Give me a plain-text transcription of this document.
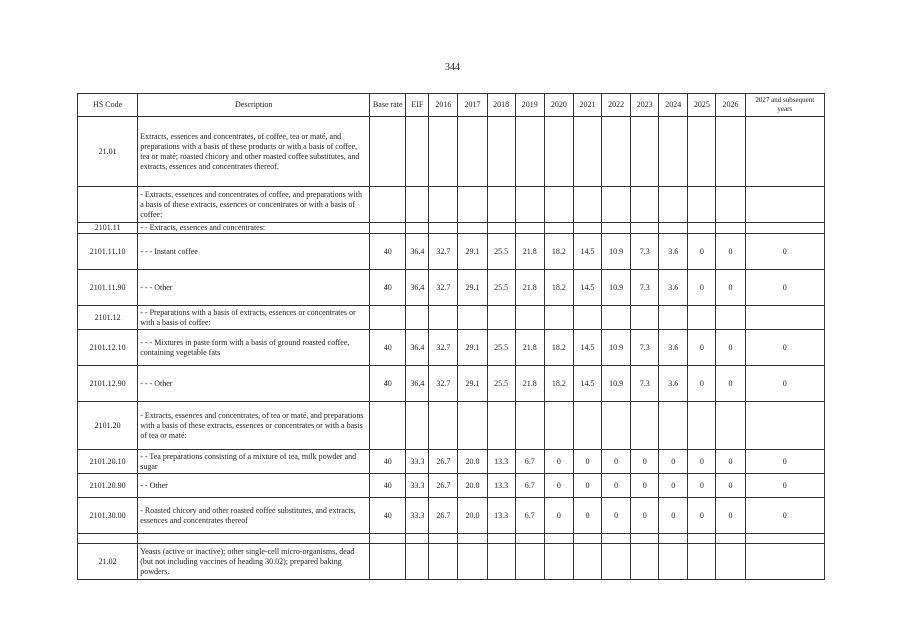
344
HS Code	Description	Base rate	EIF	2016	2017	2018	2019	2020	2021	2022	2023	2024	2025	2026	2027 and subsequent years
21.01	Extracts, essences and concentrates, of coffee, tea or maté, and preparations with a basis of these products or with a basis of coffee, tea or maté; roasted chicory and other roasted coffee substitutes, and extracts, essences and concentrates thereof.														
	- Extracts, essences and concentrates of coffee, and preparations with a basis of these extracts, essences or concentrates or with a basis of coffee:														
2101.11	- - Extracts, essences and concentrates:														
2101.11.10	- - - Instant coffee	40	36.4	32.7	29.1	25.5	21.8	18.2	14.5	10.9	7.3	3.6	0	0	0
2101.11.90	- - - Other	40	36.4	32.7	29.1	25.5	21.8	18.2	14.5	10.9	7.3	3.6	0	0	0
2101.12	- - Preparations with a basis of extracts, essences or concentrates or with a basis of coffee:														
2101.12.10	- - - Mixtures in paste form with a basis of ground roasted coffee, containing vegetable fats	40	36.4	32.7	29.1	25.5	21.8	18.2	14.5	10.9	7.3	3.6	0	0	0
2101.12.90	- - - Other	40	36.4	32.7	29.1	25.5	21.8	18.2	14.5	10.9	7.3	3.6	0	0	0
2101.20	- Extracts, essences and concentrates, of tea or maté, and preparations with a basis of these extracts, essences or concentrates or with a basis of tea or maté:														
2101.20.10	- - Tea preparations consisting of a mixture of tea, milk powder and sugar	40	33.3	26.7	20.0	13.3	6.7	0	0	0	0	0	0	0	0
2101.20.90	- - Other	40	33.3	26.7	20.0	13.3	6.7	0	0	0	0	0	0	0	0
2101.30.00	- Roasted chicory and other roasted coffee substitutes, and extracts, essences and concentrates thereof	40	33.3	26.7	20.0	13.3	6.7	0	0	0	0	0	0	0	0

21.02	Yeasts (active or inactive); other single-cell micro-organisms, dead (but not including vaccines of heading 30.02); prepared baking powders.														
